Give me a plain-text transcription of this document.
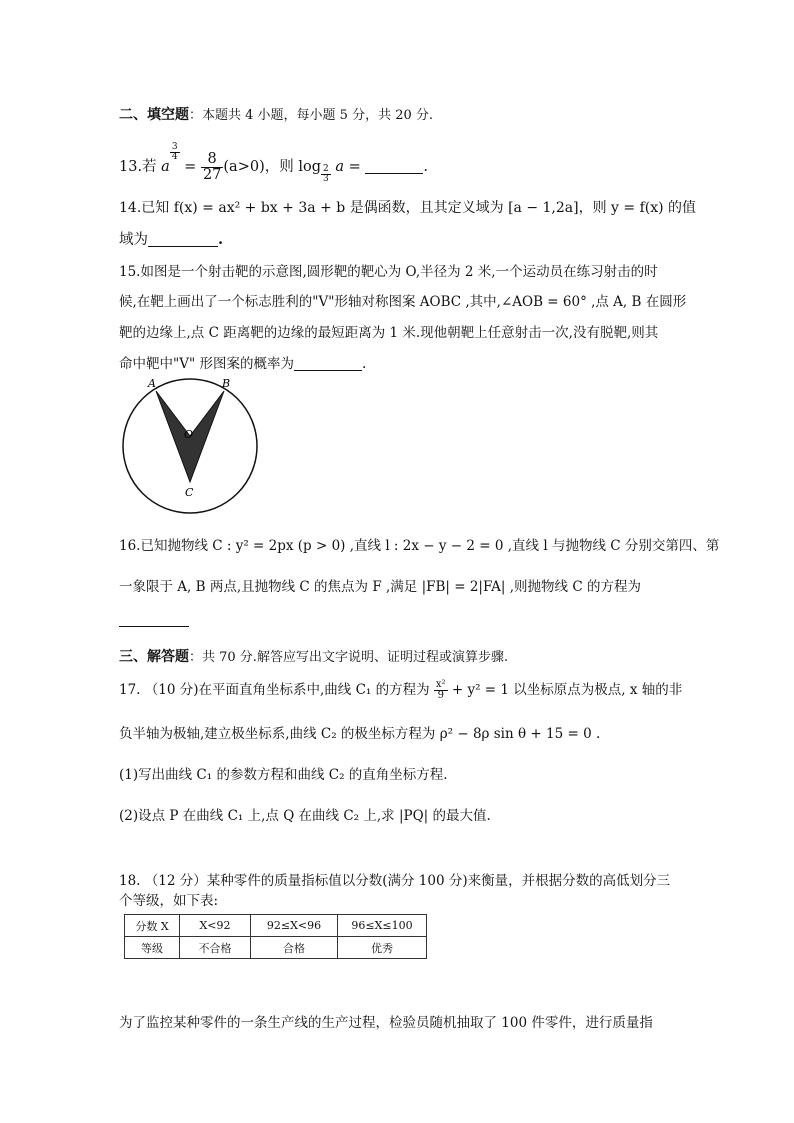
二、填空题：本题共 4 小题，每小题 5 分，共 20 分.
13.若 a
$\frac{3}{4}$
= $\frac{8}{27} (a>0)$，则 $\log \frac{2}{3}$ a =	.
14.已知 f(x) = ax² + bx + 3a + b 是偶函数，且其定义域为 [a − 1,2a]，则 y = f(x) 的值
域为	.
15.如图是一个射击靶的示意图,圆形靶的靶心为 O,半径为 2 米,一个运动员在练习射击的时
候,在靶上画出了一个标志胜利的"V"形轴对称图案 AOBC ,其中,∠AOB = 60° ,点 A, B 在圆形
靶的边缘上,点 C 距离靶的边缘的最短距离为 1 米.现他朝靶上任意射击一次,没有脱靶,则其
命中靶中"V" 形图案的概率为	.
A	B
O
C
16.已知抛物线 C : y² = 2px (p > 0) ,直线 l : 2x − y − 2 = 0 ,直线 l 与抛物线 C 分别交第四、第
一象限于 A, B 两点,且抛物线 C 的焦点为 F ,满足 |FB| = 2|FA| ,则抛物线 C 的方程为
三、解答题：共 70 分.解答应写出文字说明、证明过程或演算步骤.
17. （10 分)在平面直角坐标系中,曲线 C₁ 的方程为 $\frac{\text{x²}}{9} + y^2 = 1$ 以坐标原点为极点, x 轴的非
负半轴为极轴,建立极坐标系,曲线 C₂ 的极坐标方程为 ρ² − 8ρ sin θ + 15 = 0 .
(1)写出曲线 C₁ 的参数方程和曲线 C₂ 的直角坐标方程.
(2)设点 P 在曲线 C₁ 上,点 Q 在曲线 C₂ 上,求 |PQ| 的最大值.
18. （12 分）某种零件的质量指标值以分数(满分 100 分)来衡量，并根据分数的高低划分三
个等级，如下表:
分数 X	X<92	92≤X<96	96≤X≤100
等级	不合格	合格	优秀
为了监控某种零件的一条生产线的生产过程，检验员随机抽取了 100 件零件，进行质量指
